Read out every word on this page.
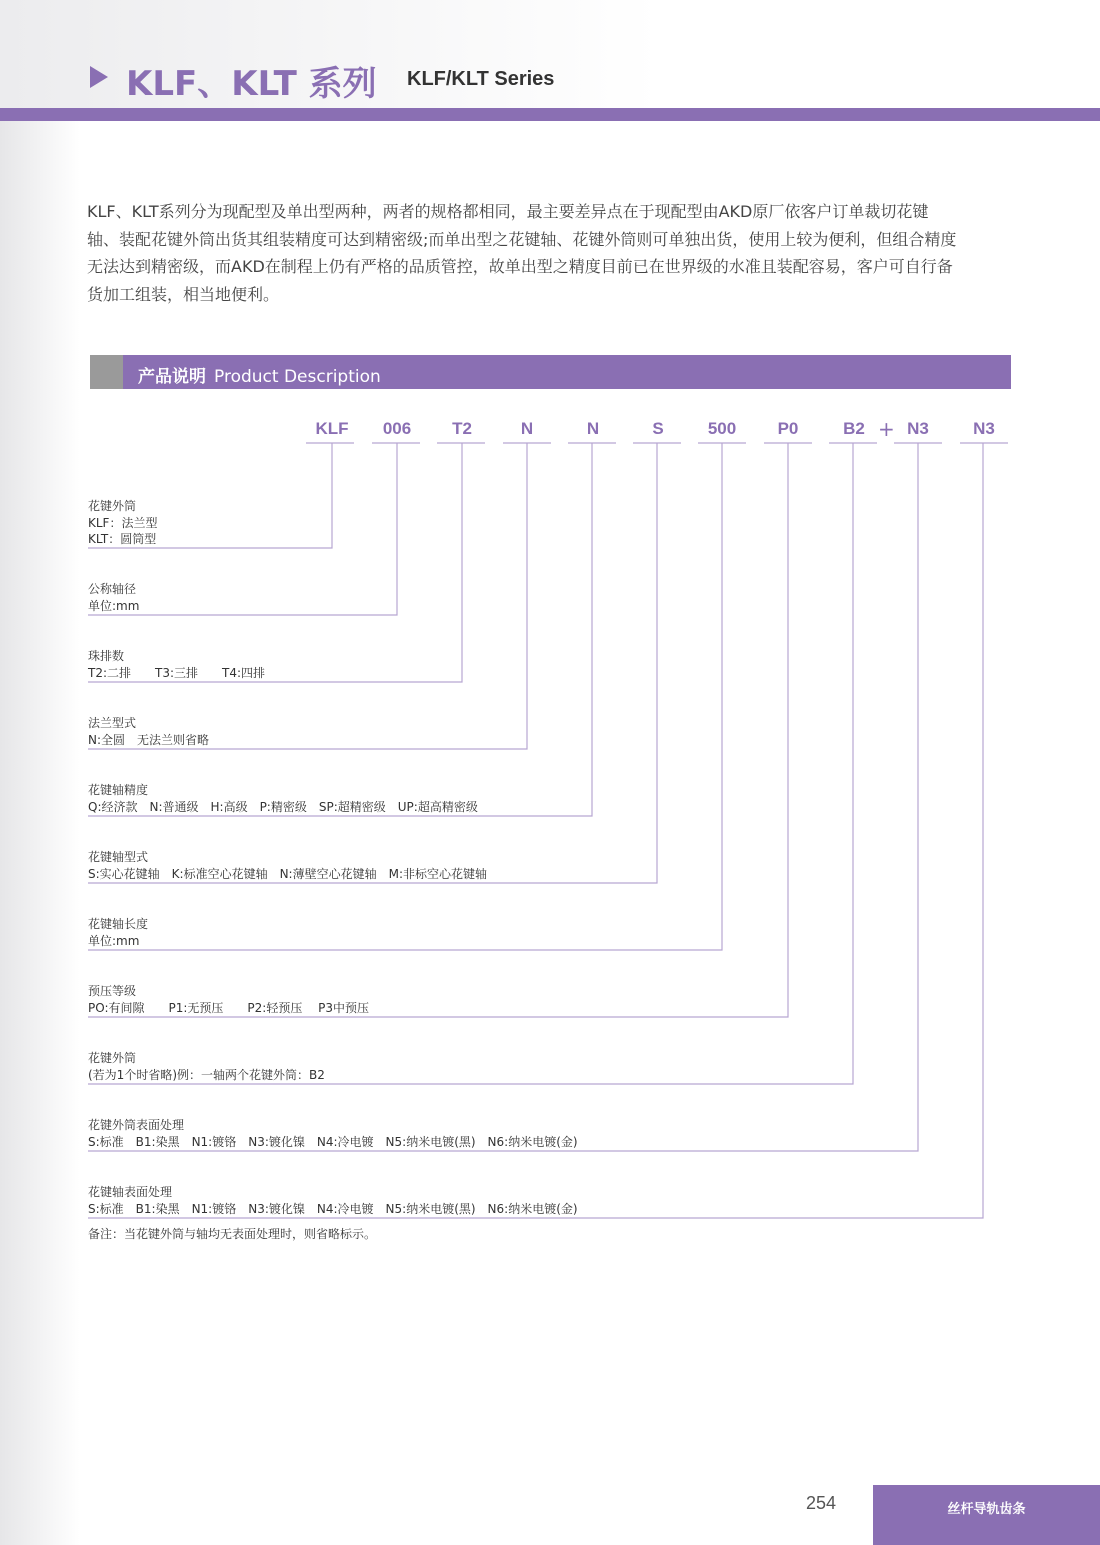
KLF、KLT 系列 KLF/KLT Series
KLF、KLT系列分为现配型及单出型两种，两者的规格都相同，最主要差异点在于现配型由AKD原厂依客户订单裁切花键
轴、装配花键外筒出货其组装精度可达到精密级;而单出型之花键轴、花键外筒则可单独出货，使用上较为便利，但组合精度
无法达到精密级，而AKD在制程上仍有严格的品质管控，故单出型之精度目前已在世界级的水准且装配容易，客户可自行备
货加工组装，相当地便利。
产品说明 Product Description
KLF	006	T2	N	N	S	500	P0	B2 + N3	N3
花键外筒
KLF：法兰型
KLT：圆筒型
公称轴径
单位:mm
珠排数
T2:二排　　T3:三排　　T4:四排
法兰型式
N:全圆　无法兰则省略
花键轴精度
Q:经济款　N:普通级　H:高级　P:精密级　SP:超精密级　UP:超高精密级
花键轴型式
S:实心花键轴　K:标准空心花键轴　N:薄壁空心花键轴　M:非标空心花键轴
花键轴长度
单位:mm
预压等级
PO:有间隙　　P1:无预压　　P2:轻预压　 P3中预压
花键外筒
(若为1个时省略)例：一轴两个花键外筒：B2
花键外筒表面处理
S:标准　B1:染黑　N1:镀铬　N3:镀化镍　N4:冷电镀　N5:纳米电镀(黑)　N6:纳米电镀(金)
花键轴表面处理
S:标准　B1:染黑　N1:镀铬　N3:镀化镍　N4:冷电镀　N5:纳米电镀(黑)　N6:纳米电镀(金)
备注：当花键外筒与轴均无表面处理时，则省略标示。
254	丝杆导轨齿条
